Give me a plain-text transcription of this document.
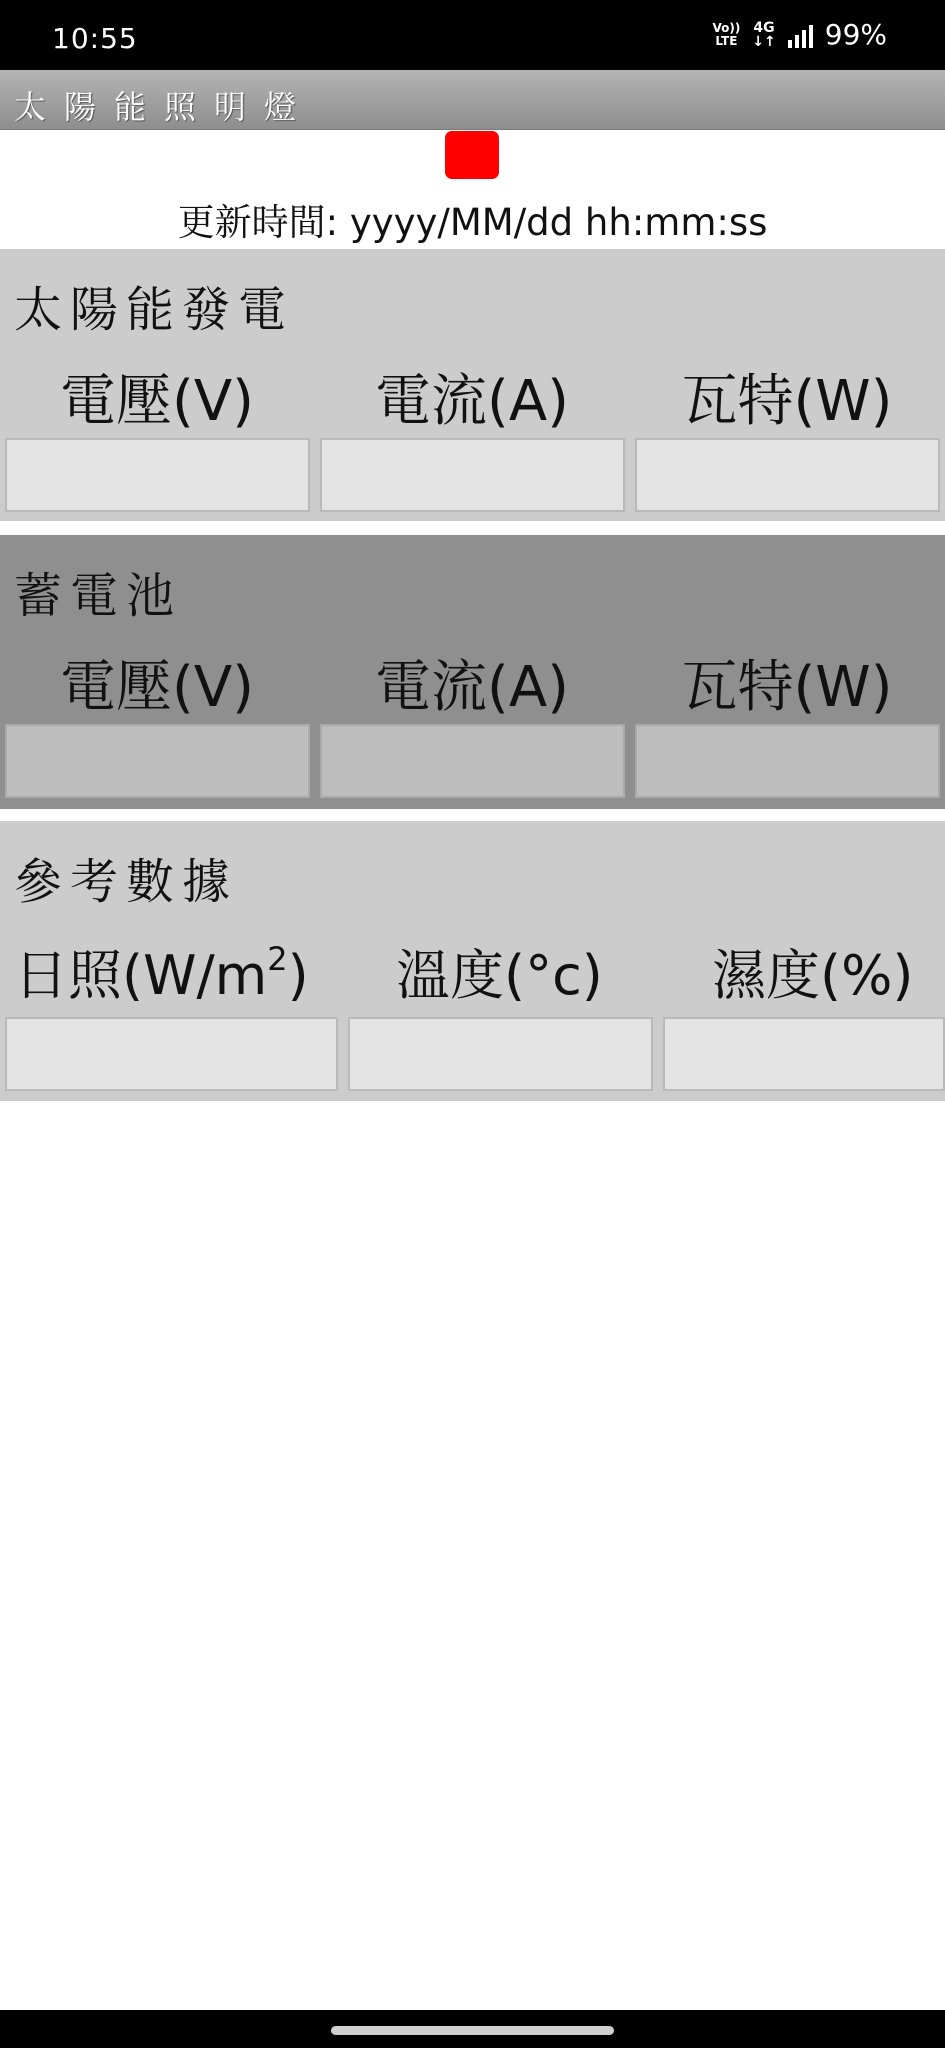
10:55	Vo))
LTE
4G
↓↑ 99%
太陽能照明燈
更新時間: yyyy/MM/dd hh:mm:ss
太陽能發電
電壓(V)	電流(A)	瓦特(W)
蓄電池
電壓(V)	電流(A)	瓦特(W)
參考數據
日照$(W/m^2)$ 溫度(°c) 濕度(%)
